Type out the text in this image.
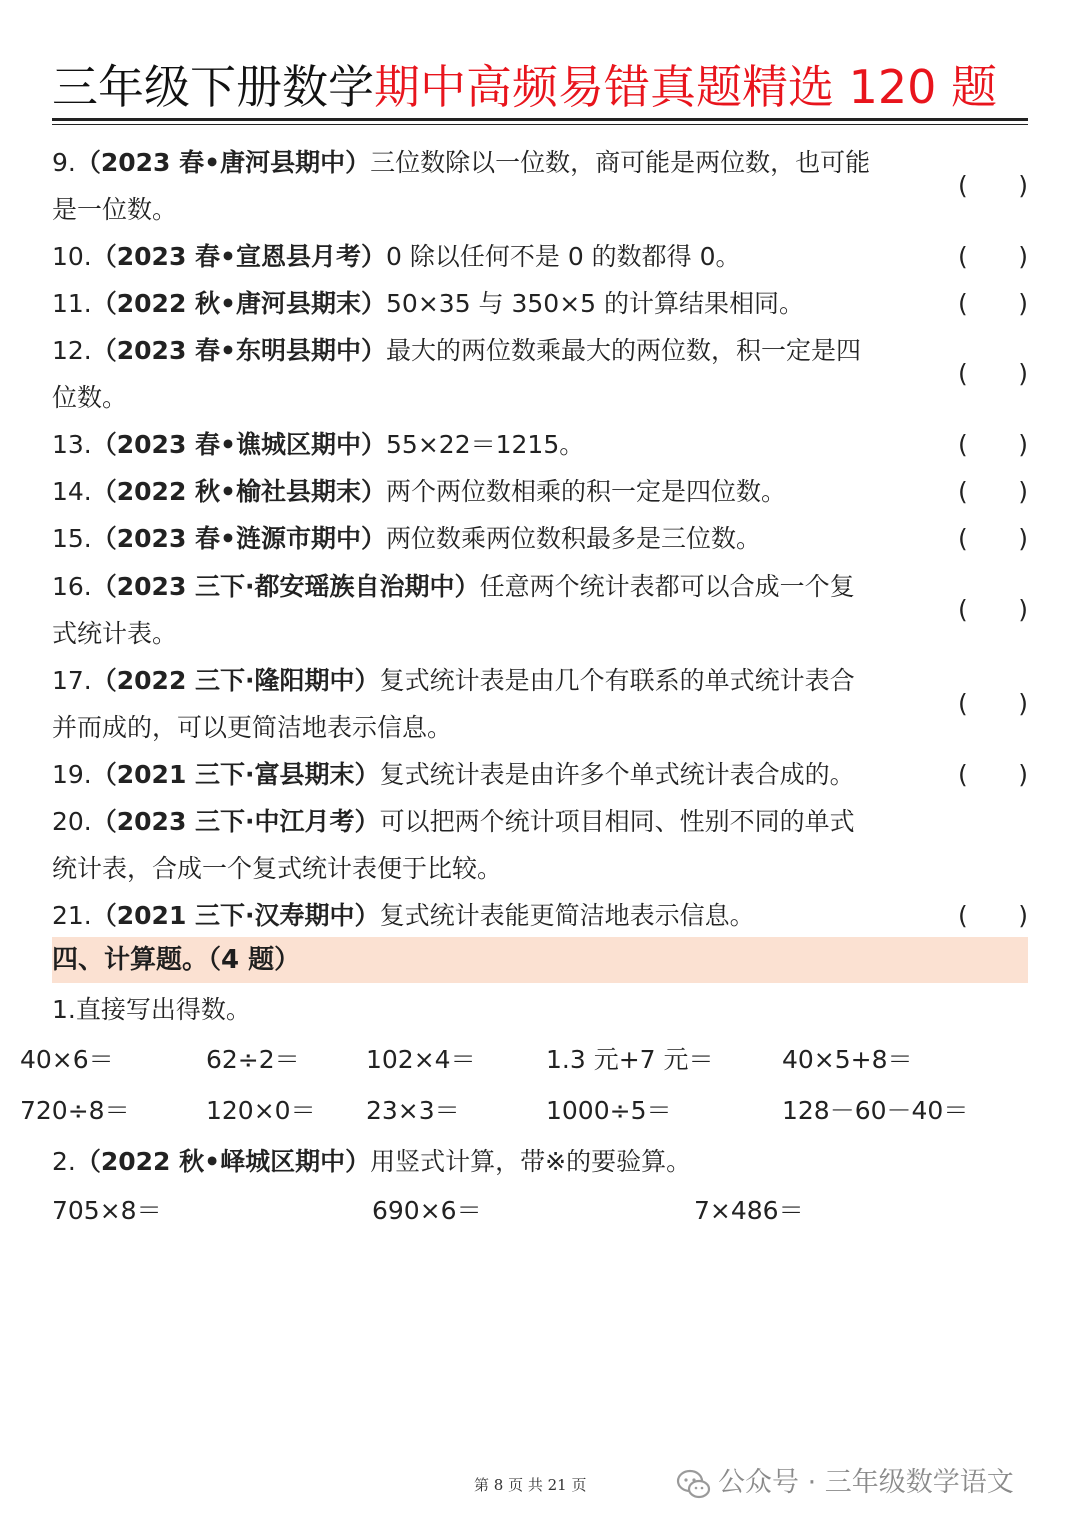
三年级下册数学期中高频易错真题精选 120 题
9.（2023 春•唐河县期中）三位数除以一位数，商可能是两位数，也可能
是一位数。
( )
10.（2023 春•宣恩县月考）0 除以任何不是 0 的数都得 0。	( )
11.（2022 秋•唐河县期末）50×35 与 350×5 的计算结果相同。	( )
12.（2023 春•东明县期中）最大的两位数乘最大的两位数，积一定是四
位数。
( )
13.（2023 春•谯城区期中）55×22＝1215。	( )
14.（2022 秋•榆社县期末）两个两位数相乘的积一定是四位数。	( )
15.（2023 春•涟源市期中）两位数乘两位数积最多是三位数。	( )
16.（2023 三下·都安瑶族自治期中）任意两个统计表都可以合成一个复
式统计表。
( )
17.（2022 三下·隆阳期中）复式统计表是由几个有联系的单式统计表合
并而成的，可以更简洁地表示信息。
( )
19.（2021 三下·富县期末）复式统计表是由许多个单式统计表合成的。	( )
20.（2023 三下·中江月考）可以把两个统计项目相同、性别不同的单式
统计表，合成一个复式统计表便于比较。
21.（2021 三下·汉寿期中）复式统计表能更简洁地表示信息。	( )
四、计算题。（4 题）
1.直接写出得数。
40×6＝	62÷2＝	102×4＝	1.3 元+7 元＝	40×5+8＝
720÷8＝	120×0＝ 23×3＝	1000÷5＝	128－60－40＝
2.（2022 秋•峄城区期中）用竖式计算，带※的要验算。
705×8＝	690×6＝	7×486＝
第 8 页 共 21 页	公众号 · 三年级数学语文
